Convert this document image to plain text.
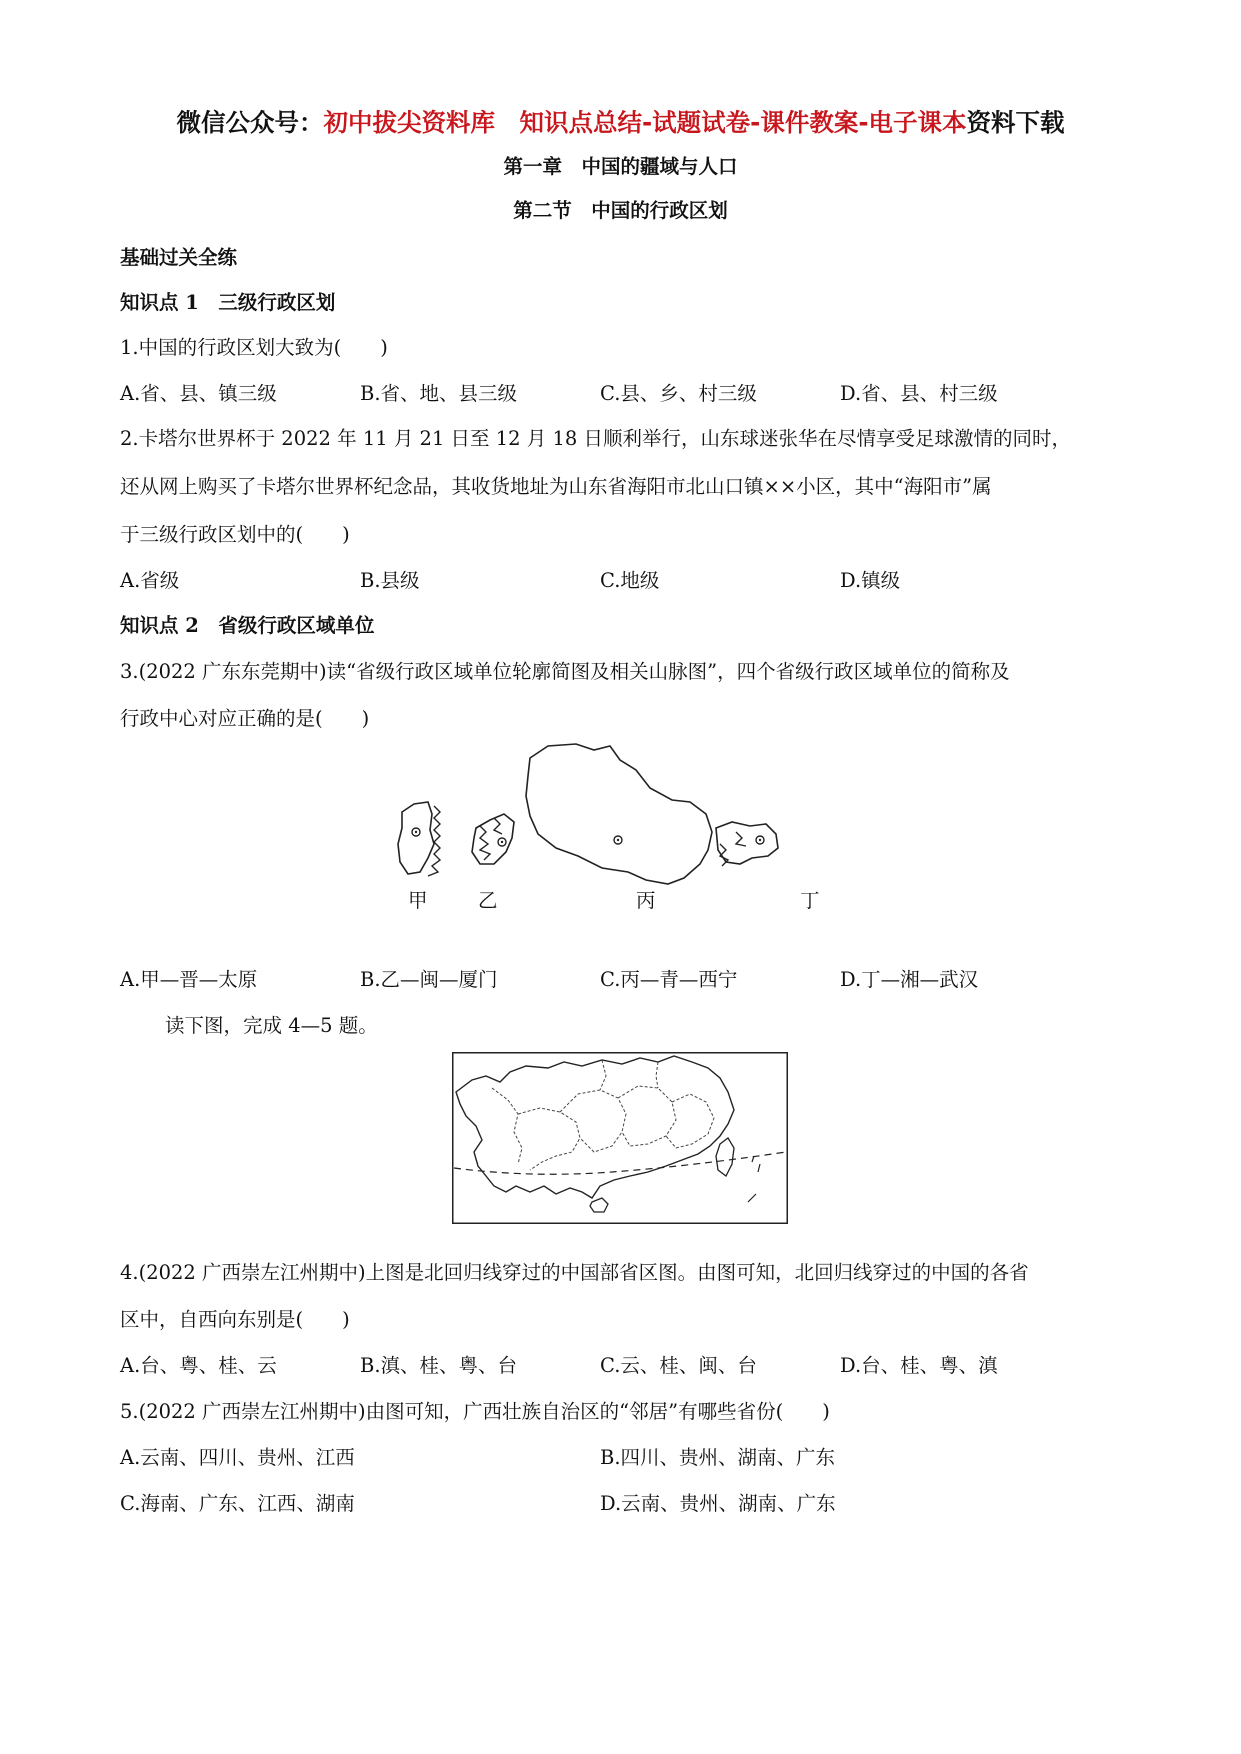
微信公众号：初中拔尖资料库　知识点总结-试题试卷-课件教案-电子课本资料下载
第一章　中国的疆域与人口
第二节　中国的行政区划
基础过关全练
知识点 1　三级行政区划
1.中国的行政区划大致为(　　)
A.省、县、镇三级	B.省、地、县三级	C.县、乡、村三级	D.省、县、村三级
2.卡塔尔世界杯于 2022 年 11 月 21 日至 12 月 18 日顺利举行，山东球迷张华在尽情享受足球激情的同时，
还从网上购买了卡塔尔世界杯纪念品，其收货地址为山东省海阳市北山口镇××小区，其中“海阳市”属
于三级行政区划中的(　　)
A.省级	B.县级	C.地级	D.镇级
知识点 2　省级行政区域单位
3.(2022 广东东莞期中)读“省级行政区域单位轮廓简图及相关山脉图”，四个省级行政区域单位的简称及
行政中心对应正确的是(　　)
甲	乙	丙	丁
A.甲—晋—太原	B.乙—闽—厦门	C.丙—青—西宁	D.丁—湘—武汉
读下图，完成 4—5 题。
4.(2022 广西崇左江州期中)上图是北回归线穿过的中国部省区图。由图可知，北回归线穿过的中国的各省
区中，自西向东别是(　　)
A.台、粤、桂、云	B.滇、桂、粤、台	C.云、桂、闽、台	D.台、桂、粤、滇
5.(2022 广西崇左江州期中)由图可知，广西壮族自治区的“邻居”有哪些省份(　　)
A.云南、四川、贵州、江西	B.四川、贵州、湖南、广东
C.海南、广东、江西、湖南	D.云南、贵州、湖南、广东
